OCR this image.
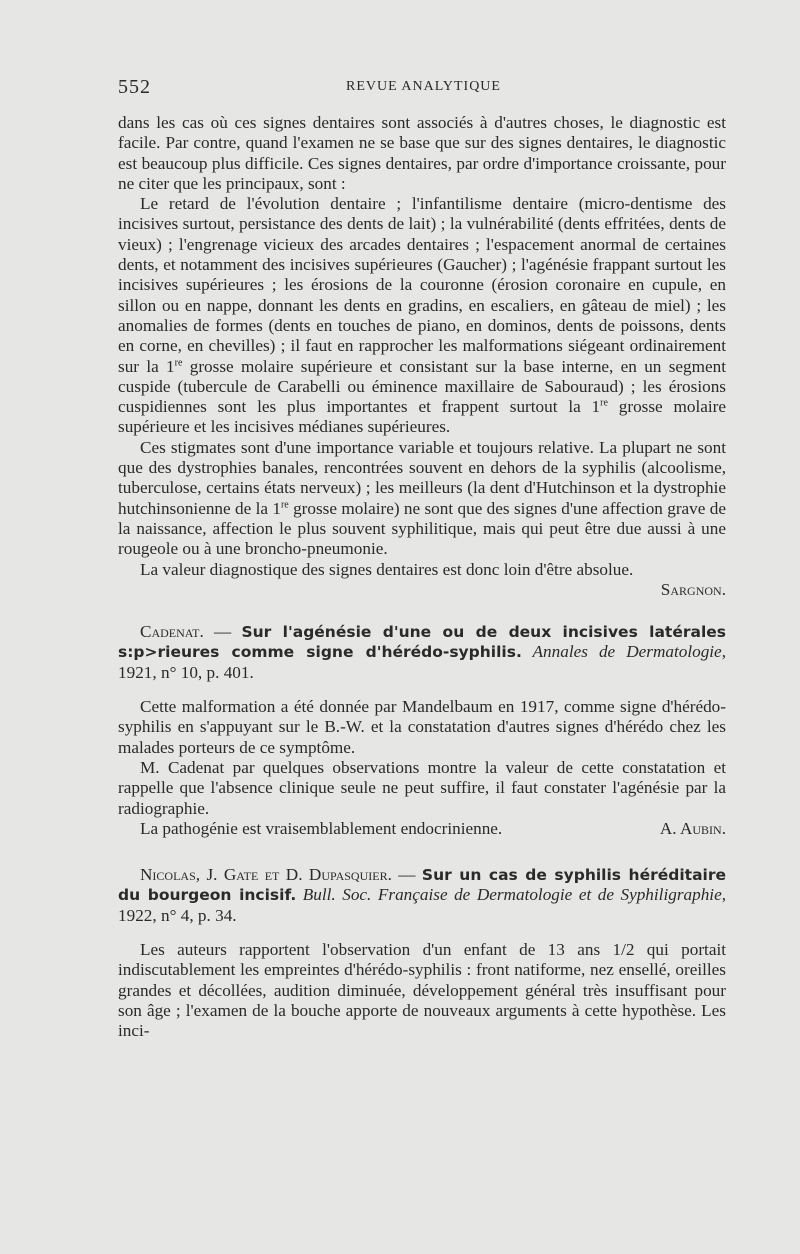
552	REVUE ANALYTIQUE

dans les cas où ces signes dentaires sont associés à d'autres choses, le diagnostic est facile. Par contre, quand l'examen ne se base que sur des signes dentaires, le diagnostic est beaucoup plus difficile. Ces signes dentaires, par ordre d'importance croissante, pour ne citer que les principaux, sont :

Le retard de l'évolution dentaire ; l'infantilisme dentaire (micro-dentisme des incisives surtout, persistance des dents de lait) ; la vulnérabilité (dents effritées, dents de vieux) ; l'engrenage vicieux des arcades dentaires ; l'espacement anormal de certaines dents, et notamment des incisives supérieures (Gaucher) ; l'agénésie frappant surtout les incisives supérieures ; les érosions de la couronne (érosion coronaire en cupule, en sillon ou en nappe, donnant les dents en gradins, en escaliers, en gâteau de miel) ; les anomalies de formes (dents en touches de piano, en dominos, dents de poissons, dents en corne, en chevilles) ; il faut en rapprocher les malformations siégeant ordinairement sur la 1re grosse molaire supérieure et consistant sur la base interne, en un segment cuspide (tubercule de Carabelli ou éminence maxillaire de Sabouraud) ; les érosions cuspidiennes sont les plus importantes et frappent surtout la 1re grosse molaire supérieure et les incisives médianes supérieures.

Ces stigmates sont d'une importance variable et toujours relative. La plupart ne sont que des dystrophies banales, rencontrées souvent en dehors de la syphilis (alcoolisme, tuberculose, certains états nerveux) ; les meilleurs (la dent d'Hutchinson et la dystrophie hutchinsonienne de la 1re grosse molaire) ne sont que des signes d'une affection grave de la naissance, affection le plus souvent syphilitique, mais qui peut être due aussi à une rougeole ou à une broncho-pneumonie.

La valeur diagnostique des signes dentaires est donc loin d'être absolue.

Sargnon.

Cadenat. — Sur l'agénésie d'une ou de deux incisives latérales s:p>rieures comme signe d'hérédo-syphilis. Annales de Dermatologie, 1921, n° 10, p. 401.

Cette malformation a été donnée par Mandelbaum en 1917, comme signe d'hérédo-syphilis en s'appuyant sur le B.-W. et la constatation d'autres signes d'hérédo chez les malades porteurs de ce symptôme.

M. Cadenat par quelques observations montre la valeur de cette constatation et rappelle que l'absence clinique seule ne peut suffire, il faut constater l'agénésie par la radiographie.

La pathogénie est vraisemblablement endocrinienne.	A. Aubin.

Nicolas, J. Gate et D. Dupasquier. — Sur un cas de syphilis héréditaire du bourgeon incisif. Bull. Soc. Française de Dermatologie et de Syphiligraphie, 1922, n° 4, p. 34.

Les auteurs rapportent l'observation d'un enfant de 13 ans 1/2 qui portait indiscutablement les empreintes d'hérédo-syphilis : front natiforme, nez ensellé, oreilles grandes et décollées, audition diminuée, développement général très insuffisant pour son âge ; l'examen de la bouche apporte de nouveaux arguments à cette hypothèse. Les inci-
